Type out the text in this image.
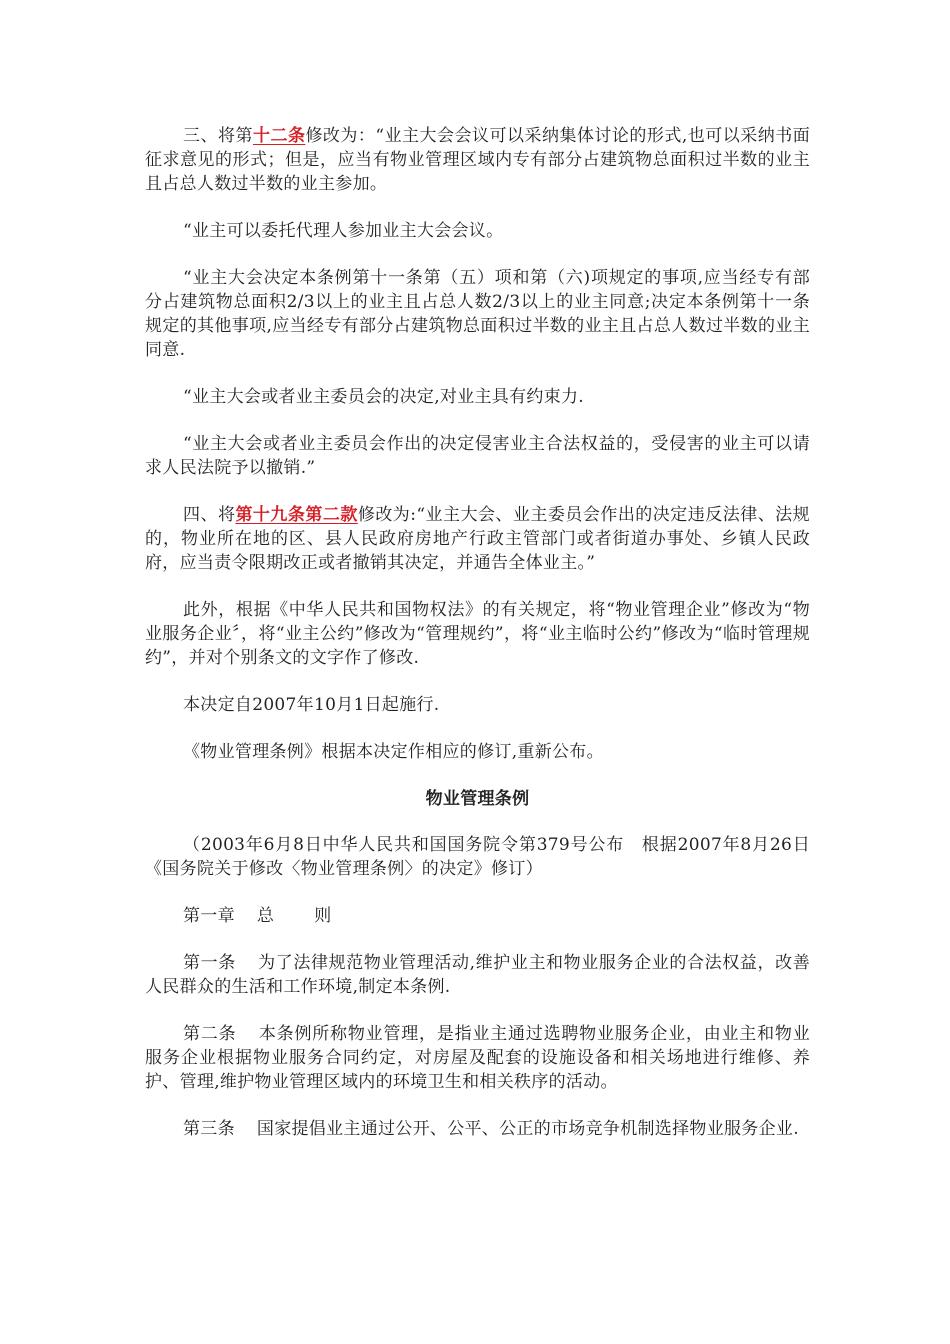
三、将第十二条修改为：“业主大会会议可以采纳集体讨论的形式,也可以采纳书面征求意见的形式；但是，应当有物业管理区域内专有部分占建筑物总面积过半数的业主且占总人数过半数的业主参加。

“业主可以委托代理人参加业主大会会议。

“业主大会决定本条例第十一条第（五）项和第（六)项规定的事项,应当经专有部分占建筑物总面积2/3以上的业主且占总人数2/3以上的业主同意;决定本条例第十一条规定的其他事项,应当经专有部分占建筑物总面积过半数的业主且占总人数过半数的业主同意.

“业主大会或者业主委员会的决定,对业主具有约束力.

“业主大会或者业主委员会作出的决定侵害业主合法权益的，受侵害的业主可以请求人民法院予以撤销.”

四、将第十九条第二款修改为:“业主大会、业主委员会作出的决定违反法律、法规的，物业所在地的区、县人民政府房地产行政主管部门或者街道办事处、乡镇人民政府，应当责令限期改正或者撤销其决定，并通告全体业主。”

此外，根据《中华人民共和国物权法》的有关规定，将“物业管理企业”修改为“物业服务企业〞，将“业主公约”修改为“管理规约”，将“业主临时公约”修改为“临时管理规约”，并对个别条文的文字作了修改.

本决定自2007年10月1日起施行.

《物业管理条例》根据本决定作相应的修订,重新公布。

物业管理条例

（2003年6月8日中华人民共和国国务院令第379号公布　根据2007年8月26日《国务院关于修改〈物业管理条例〉的决定》修订）

第一章 总 则

第一条 为了法律规范物业管理活动,维护业主和物业服务企业的合法权益，改善人民群众的生活和工作环境,制定本条例.

第二条 本条例所称物业管理，是指业主通过选聘物业服务企业，由业主和物业服务企业根据物业服务合同约定，对房屋及配套的设施设备和相关场地进行维修、养护、管理,维护物业管理区域内的环境卫生和相关秩序的活动。

第三条 国家提倡业主通过公开、公平、公正的市场竞争机制选择物业服务企业.
